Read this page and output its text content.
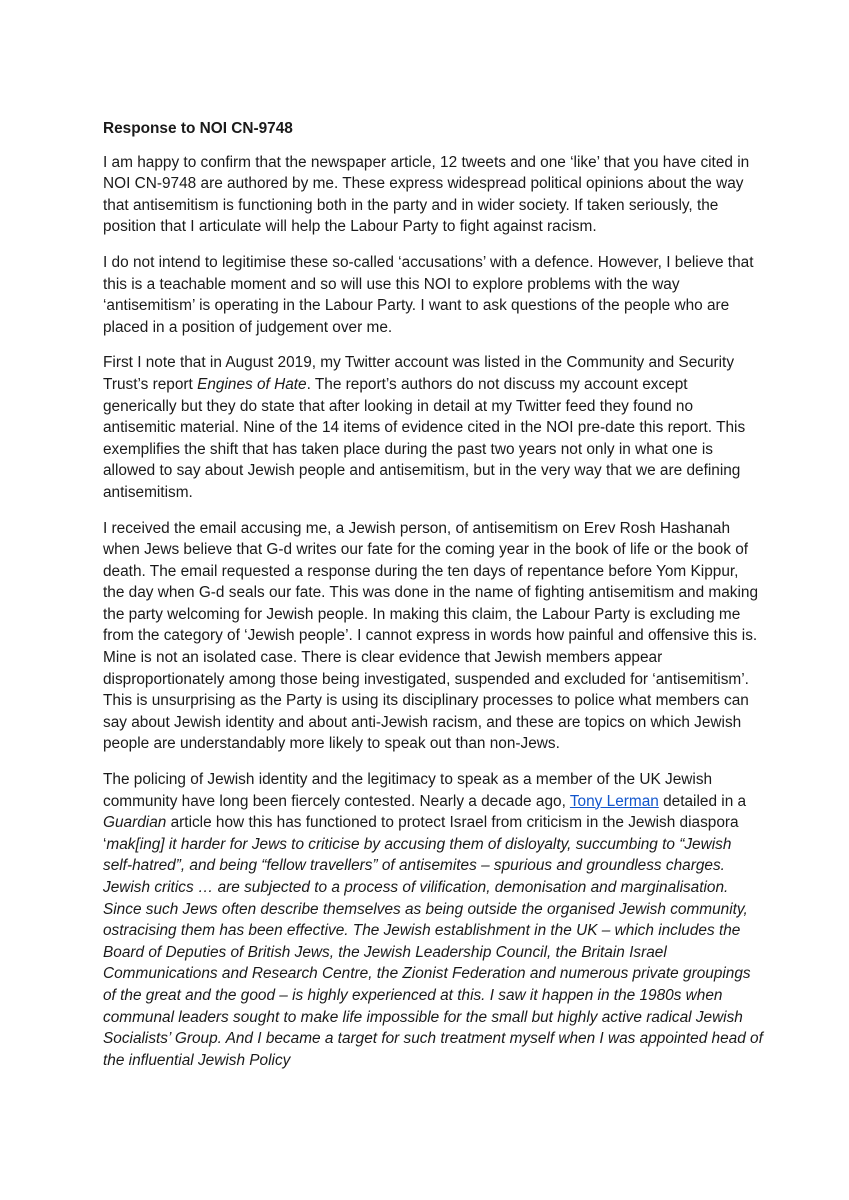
Response to NOI CN-9748

I am happy to confirm that the newspaper article, 12 tweets and one ‘like’ that you have cited in NOI CN-9748 are authored by me. These express widespread political opinions about the way that antisemitism is functioning both in the party and in wider society. If taken seriously, the position that I articulate will help the Labour Party to fight against racism.

I do not intend to legitimise these so-called ‘accusations’ with a defence. However, I believe that this is a teachable moment and so will use this NOI to explore problems with the way ‘antisemitism’ is operating in the Labour Party. I want to ask questions of the people who are placed in a position of judgement over me.

First I note that in August 2019, my Twitter account was listed in the Community and Security Trust’s report Engines of Hate. The report’s authors do not discuss my account except generically but they do state that after looking in detail at my Twitter feed they found no antisemitic material. Nine of the 14 items of evidence cited in the NOI pre-date this report. This exemplifies the shift that has taken place during the past two years not only in what one is allowed to say about Jewish people and antisemitism, but in the very way that we are defining antisemitism.

I received the email accusing me, a Jewish person, of antisemitism on Erev Rosh Hashanah when Jews believe that G-d writes our fate for the coming year in the book of life or the book of death. The email requested a response during the ten days of repentance before Yom Kippur, the day when G-d seals our fate. This was done in the name of fighting antisemitism and making the party welcoming for Jewish people. In making this claim, the Labour Party is excluding me from the category of ‘Jewish people’. I cannot express in words how painful and offensive this is. Mine is not an isolated case. There is clear evidence that Jewish members appear disproportionately among those being investigated, suspended and excluded for ‘antisemitism’. This is unsurprising as the Party is using its disciplinary processes to police what members can say about Jewish identity and about anti-Jewish racism, and these are topics on which Jewish people are understandably more likely to speak out than non-Jews.

The policing of Jewish identity and the legitimacy to speak as a member of the UK Jewish community have long been fiercely contested. Nearly a decade ago, Tony Lerman detailed in a Guardian article how this has functioned to protect Israel from criticism in the Jewish diaspora ‘mak[ing] it harder for Jews to criticise by accusing them of disloyalty, succumbing to “Jewish self-hatred”, and being “fellow travellers” of antisemites – spurious and groundless charges. Jewish critics … are subjected to a process of vilification, demonisation and marginalisation. Since such Jews often describe themselves as being outside the organised Jewish community, ostracising them has been effective. The Jewish establishment in the UK – which includes the Board of Deputies of British Jews, the Jewish Leadership Council, the Britain Israel Communications and Research Centre, the Zionist Federation and numerous private groupings of the great and the good – is highly experienced at this. I saw it happen in the 1980s when communal leaders sought to make life impossible for the small but highly active radical Jewish Socialists’ Group. And I became a target for such treatment myself when I was appointed head of the influential Jewish Policy
